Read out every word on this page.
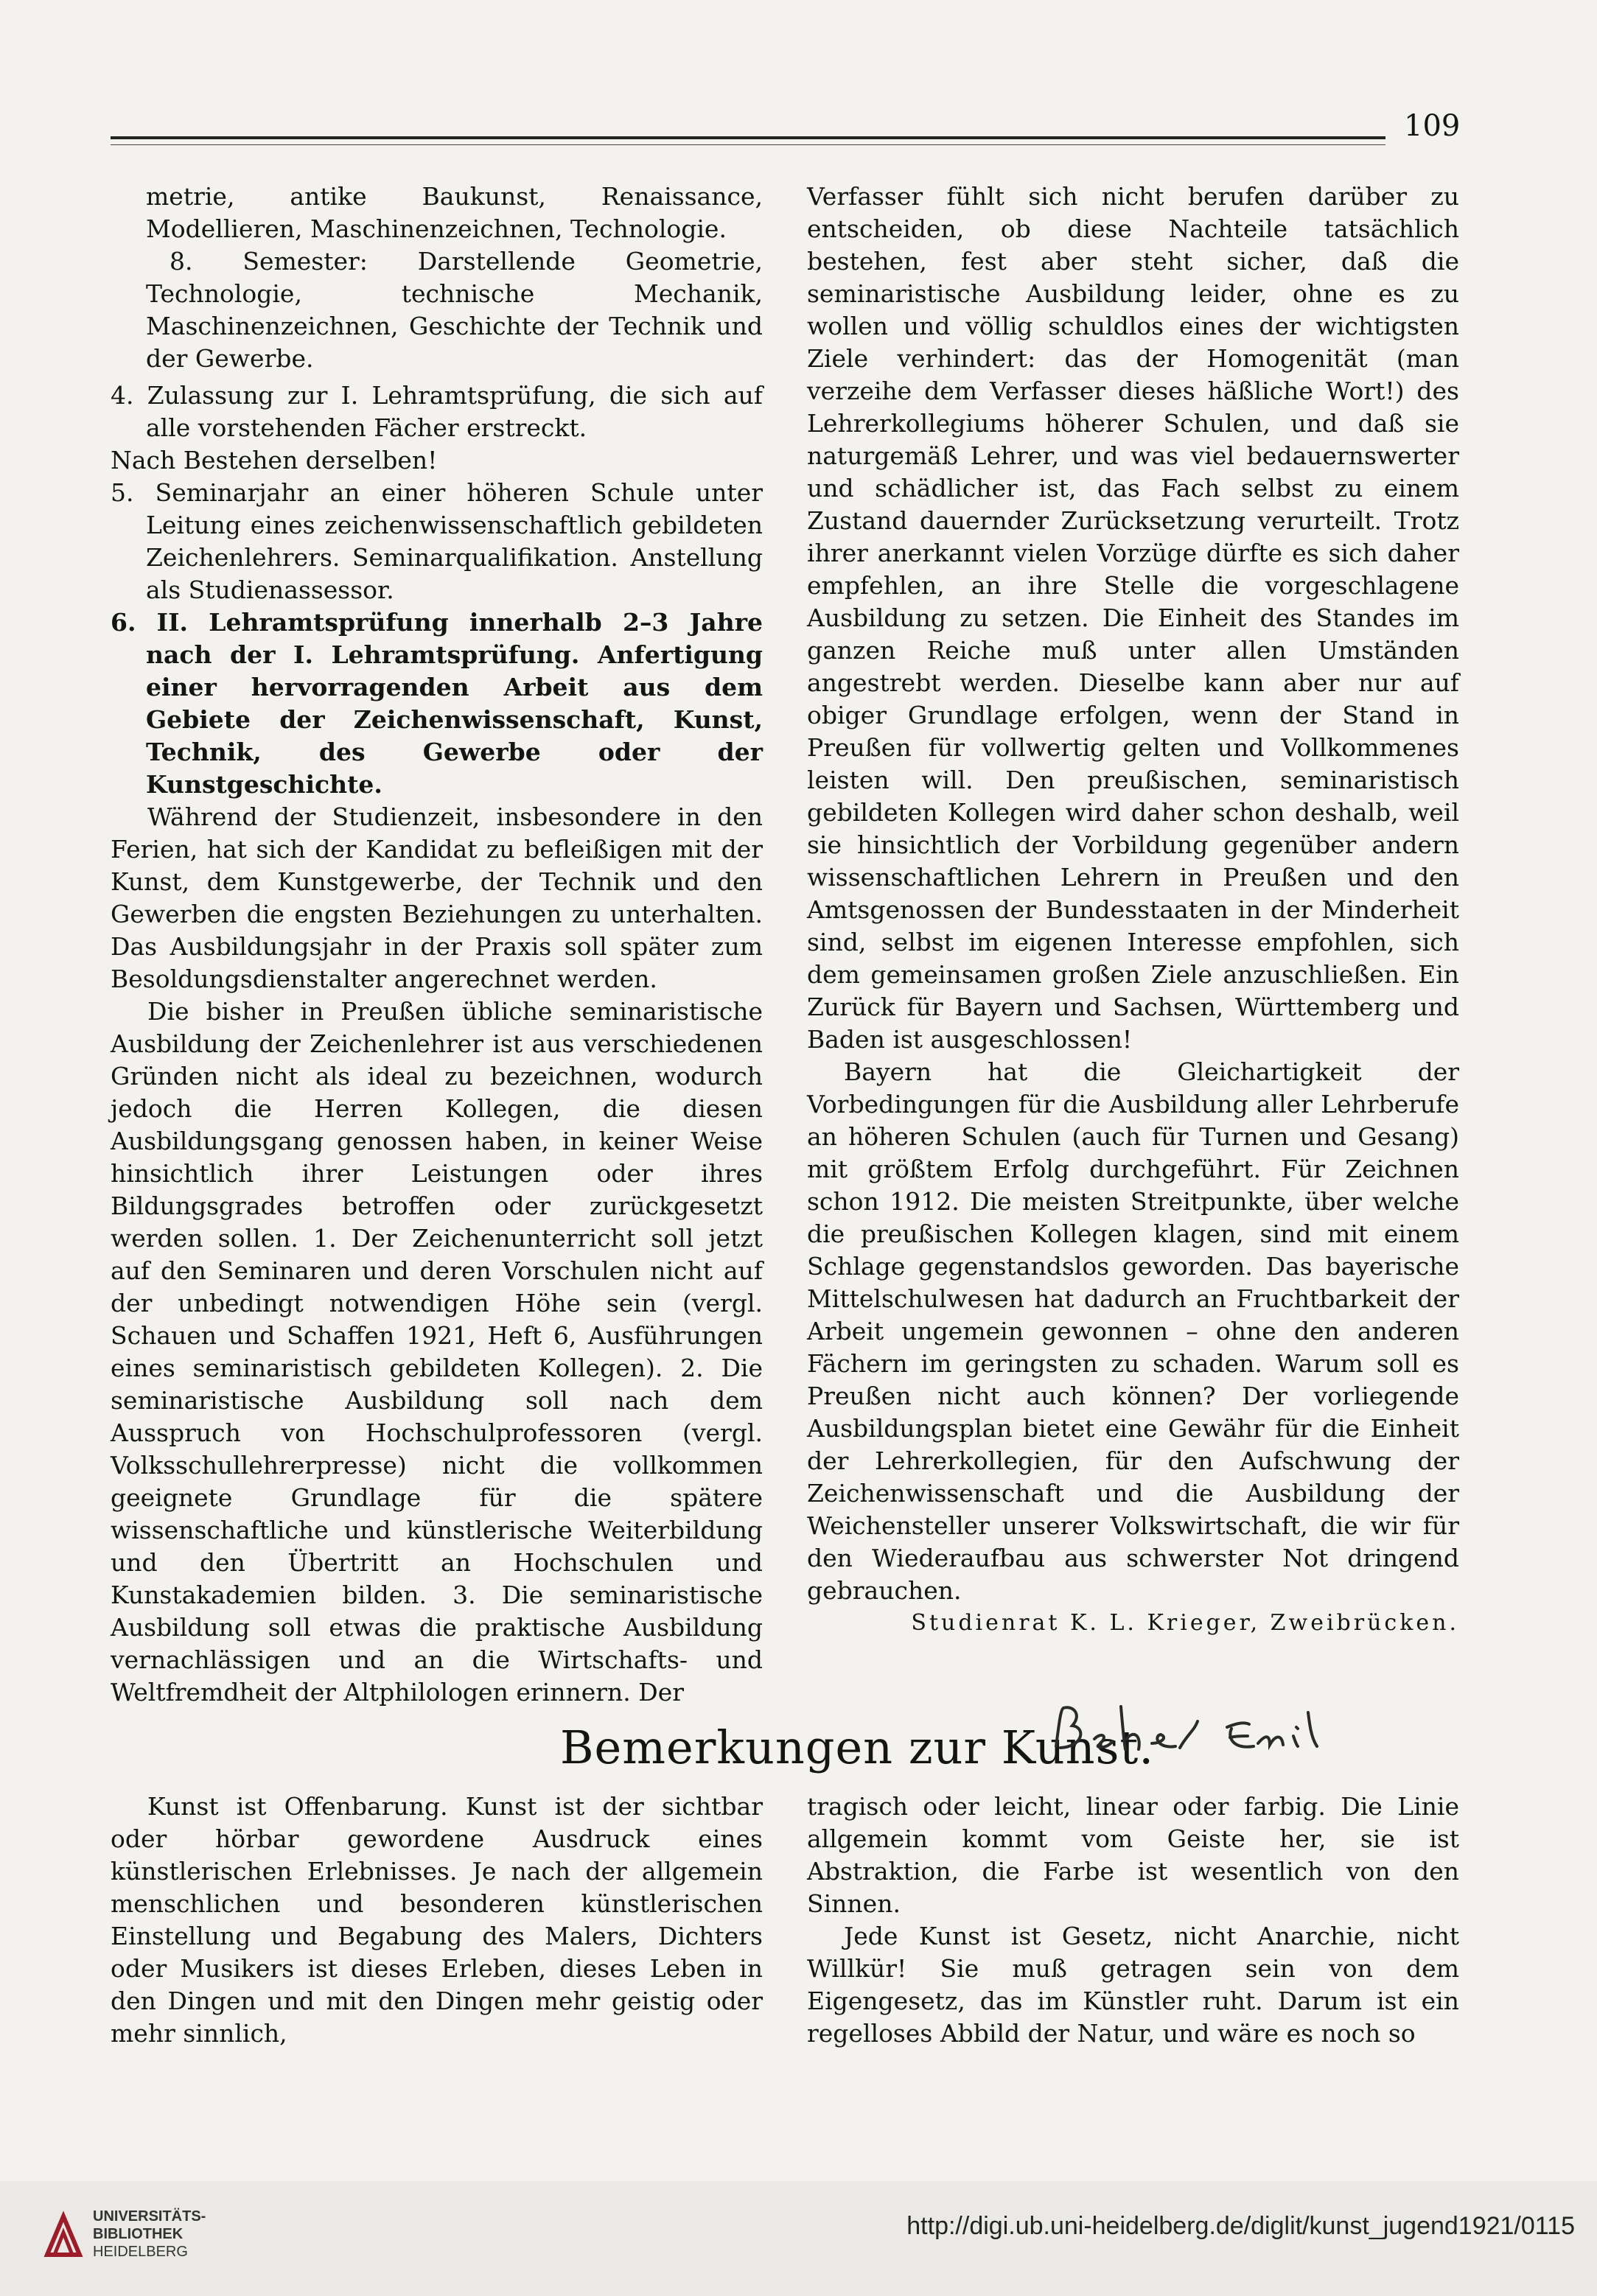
109

metrie, antike Baukunst, Renaissance, Modellieren, Maschinenzeichnen, Technologie.

8. Semester: Darstellende Geometrie, Technologie, technische Mechanik, Maschinenzeichnen, Geschichte der Technik und der Gewerbe.

4. Zulassung zur I. Lehramtsprüfung, die sich auf alle vorstehenden Fächer erstreckt.

Nach Bestehen derselben!

5. Seminarjahr an einer höheren Schule unter Leitung eines zeichenwissenschaftlich gebildeten Zeichenlehrers. Seminarqualifikation. Anstellung als Studienassessor.

6. II. Lehramtsprüfung innerhalb 2–3 Jahre nach der I. Lehramtsprüfung. Anfertigung einer hervorragenden Arbeit aus dem Gebiete der Zeichenwissenschaft, Kunst, Technik, des Gewerbe oder der Kunstgeschichte.

Während der Studienzeit, insbesondere in den Ferien, hat sich der Kandidat zu befleißigen mit der Kunst, dem Kunstgewerbe, der Technik und den Gewerben die engsten Beziehungen zu unterhalten. Das Ausbildungsjahr in der Praxis soll später zum Besoldungsdienstalter angerechnet werden.

Die bisher in Preußen übliche seminaristische Ausbildung der Zeichenlehrer ist aus verschiedenen Gründen nicht als ideal zu bezeichnen, wodurch jedoch die Herren Kollegen, die diesen Ausbildungsgang genossen haben, in keiner Weise hinsichtlich ihrer Leistungen oder ihres Bildungsgrades betroffen oder zurückgesetzt werden sollen. 1. Der Zeichenunterricht soll jetzt auf den Seminaren und deren Vorschulen nicht auf der unbedingt notwendigen Höhe sein (vergl. Schauen und Schaffen 1921, Heft 6, Ausführungen eines seminaristisch gebildeten Kollegen). 2. Die seminaristische Ausbildung soll nach dem Ausspruch von Hochschulprofessoren (vergl. Volksschullehrerpresse) nicht die vollkommen geeignete Grundlage für die spätere wissenschaftliche und künstlerische Weiterbildung und den Übertritt an Hochschulen und Kunstakademien bilden. 3. Die seminaristische Ausbildung soll etwas die praktische Ausbildung vernachlässigen und an die Wirtschafts- und Weltfremdheit der Altphilologen erinnern. Der

Verfasser fühlt sich nicht berufen darüber zu entscheiden, ob diese Nachteile tatsächlich bestehen, fest aber steht sicher, daß die seminaristische Ausbildung leider, ohne es zu wollen und völlig schuldlos eines der wichtigsten Ziele verhindert: das der Homogenität (man verzeihe dem Verfasser dieses häßliche Wort!) des Lehrerkollegiums höherer Schulen, und daß sie naturgemäß Lehrer, und was viel bedauernswerter und schädlicher ist, das Fach selbst zu einem Zustand dauernder Zurücksetzung verurteilt. Trotz ihrer anerkannt vielen Vorzüge dürfte es sich daher empfehlen, an ihre Stelle die vorgeschlagene Ausbildung zu setzen. Die Einheit des Standes im ganzen Reiche muß unter allen Umständen angestrebt werden. Dieselbe kann aber nur auf obiger Grundlage erfolgen, wenn der Stand in Preußen für vollwertig gelten und Vollkommenes leisten will. Den preußischen, seminaristisch gebildeten Kollegen wird daher schon deshalb, weil sie hinsichtlich der Vorbildung gegenüber andern wissenschaftlichen Lehrern in Preußen und den Amtsgenossen der Bundesstaaten in der Minderheit sind, selbst im eigenen Interesse empfohlen, sich dem gemeinsamen großen Ziele anzuschließen. Ein Zurück für Bayern und Sachsen, Württemberg und Baden ist ausgeschlossen!

Bayern hat die Gleichartigkeit der Vorbedingungen für die Ausbildung aller Lehrberufe an höheren Schulen (auch für Turnen und Gesang) mit größtem Erfolg durchgeführt. Für Zeichnen schon 1912. Die meisten Streitpunkte, über welche die preußischen Kollegen klagen, sind mit einem Schlage gegenstandslos geworden. Das bayerische Mittelschulwesen hat dadurch an Fruchtbarkeit der Arbeit ungemein gewonnen – ohne den anderen Fächern im geringsten zu schaden. Warum soll es Preußen nicht auch können? Der vorliegende Ausbildungsplan bietet eine Gewähr für die Einheit der Lehrerkollegien, für den Aufschwung der Zeichenwissenschaft und die Ausbildung der Weichensteller unserer Volkswirtschaft, die wir für den Wiederaufbau aus schwerster Not dringend gebrauchen.

Studienrat K. L. Krieger, Zweibrücken.

Bemerkungen zur Kunst.

Kunst ist Offenbarung. Kunst ist der sichtbar oder hörbar gewordene Ausdruck eines künstlerischen Erlebnisses. Je nach der allgemein menschlichen und besonderen künstlerischen Einstellung und Begabung des Malers, Dichters oder Musikers ist dieses Erleben, dieses Leben in den Dingen und mit den Dingen mehr geistig oder mehr sinnlich,

tragisch oder leicht, linear oder farbig. Die Linie allgemein kommt vom Geiste her, sie ist Abstraktion, die Farbe ist wesentlich von den Sinnen.

Jede Kunst ist Gesetz, nicht Anarchie, nicht Willkür! Sie muß getragen sein von dem Eigengesetz, das im Künstler ruht. Darum ist ein regelloses Abbild der Natur, und wäre es noch so

UNIVERSITÄTS-
BIBLIOTHEK
HEIDELBERG
http://digi.ub.uni-heidelberg.de/diglit/kunst_jugend1921/0115
